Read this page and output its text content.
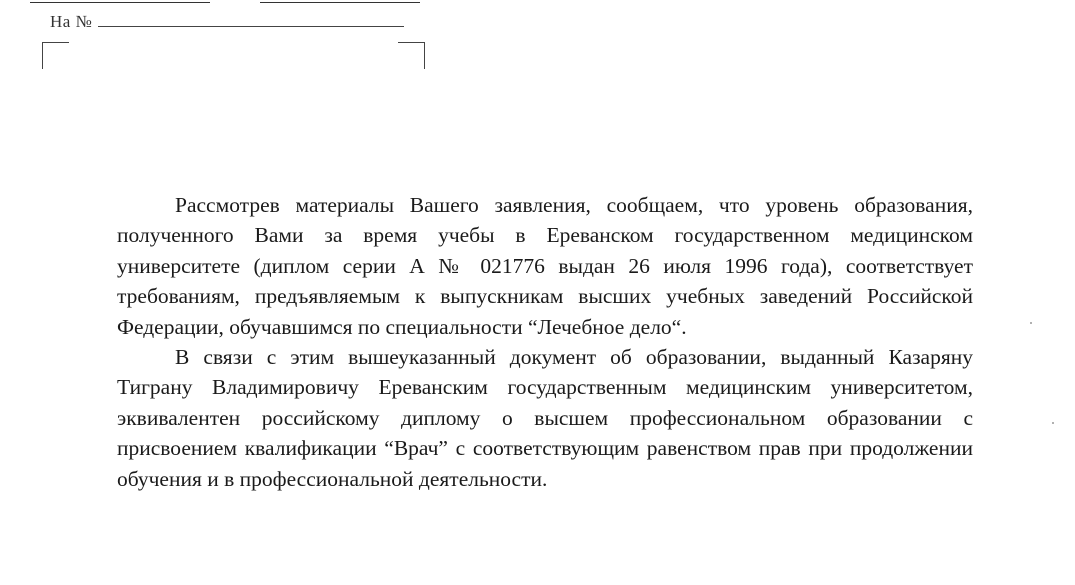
На №

Рассмотрев материалы Вашего заявления, сообщаем, что уровень образования, полученного Вами за время учебы в Ереванском государственном медицинском университете (диплом серии А № 021776 выдан 26 июля 1996 года), соответствует требованиям, предъявляемым к выпускникам высших учебных заведений Российской Федерации, обучавшимся по специальности “Лечебное дело“.

В связи с этим вышеуказанный документ об образовании, выданный Казаряну Тиграну Владимировичу Ереванским государственным медицинским университетом, эквивалентен российскому диплому о высшем профессиональном образовании с присвоением квалификации “Врач” с соответствующим равенством прав при продолжении обучения и в профессиональной деятельности.
